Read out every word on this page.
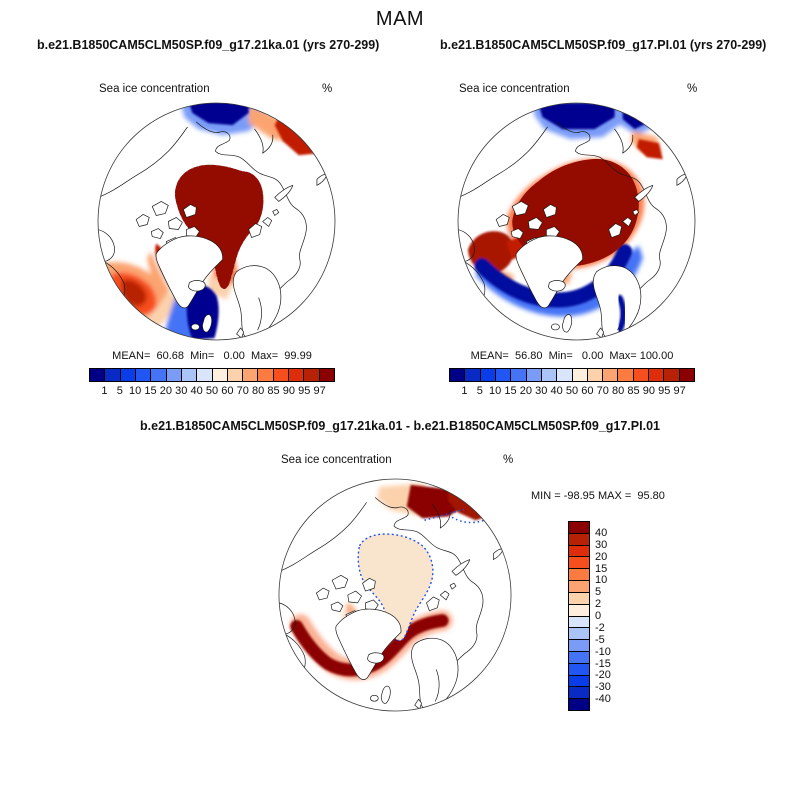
MAM
b.e21.B1850CAM5CLM50SP.f09_g17.21ka.01 (yrs 270-299)	b.e21.B1850CAM5CLM50SP.f09_g17.PI.01 (yrs 270-299)
Sea ice concentration	%
MEAN=  60.68  Min=   0.00  Max=  99.99
1 5 10 15 20 30 40 50 60 70 80 85 90 95 97
Sea ice concentration	%
MEAN=  56.80  Min=   0.00  Max= 100.00
1 5 10 15 20 30 40 50 60 70 80 85 90 95 97
b.e21.B1850CAM5CLM50SP.f09_g17.21ka.01 - b.e21.B1850CAM5CLM50SP.f09_g17.PI.01
Sea ice concentration	%
MIN = -98.95 MAX =  95.80
40
30
20
15
10
5
2
0
-2
-5
-10
-15
-20
-30
-40
